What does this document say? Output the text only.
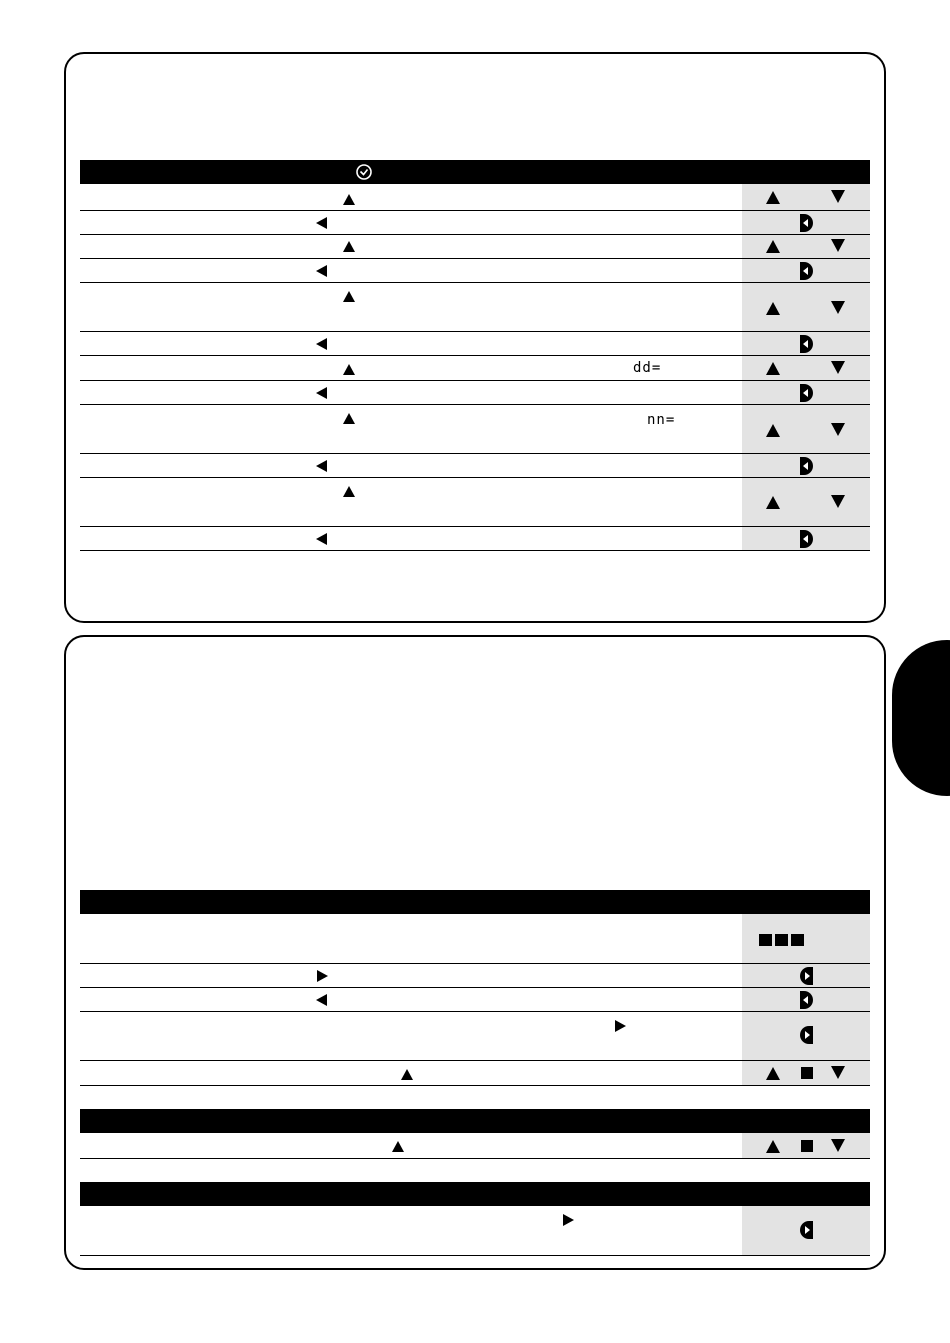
dd=
nn=
